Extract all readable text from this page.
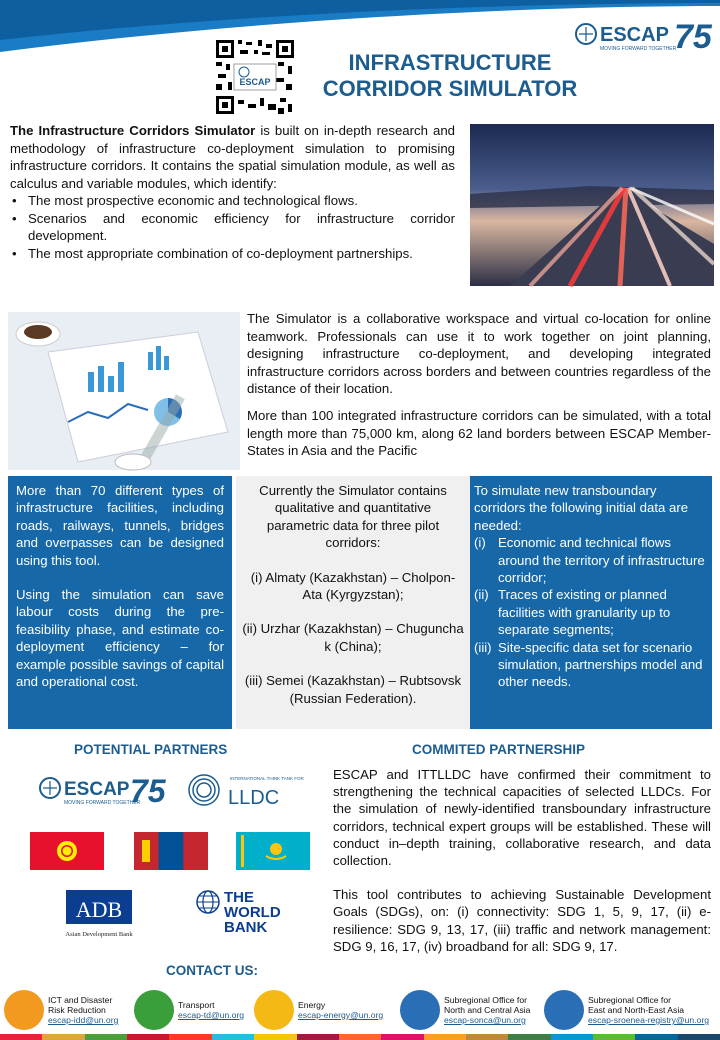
ESCAP
INFRASTRUCTURE
CORRIDOR SIMULATOR
ESCAP 75
MOVING FORWARD TOGETHER

The Infrastructure Corridors Simulator is built on in-depth research and methodology of infrastructure co-deployment simulation to promising infrastructure corridors. It contains the spatial simulation module, as well as calculus and variable modules, which identify:

• The most prospective economic and technological flows.
• Scenarios and economic efficiency for infrastructure corridor development.
• The most appropriate combination of co-deployment partnerships.

The Simulator is a collaborative workspace and virtual co-location for online teamwork. Professionals can use it to work together on joint planning, designing infrastructure co-deployment, and developing integrated infrastructure corridors across borders and between countries regardless of the distance of their location.

More than 100 integrated infrastructure corridors can be simulated, with a total length more than 75,000 km, along 62 land borders between ESCAP Member-States in Asia and the Pacific

More than 70 different types of infrastructure facilities, including roads, railways, tunnels, bridges and overpasses can be designed using this tool.

Using the simulation can save labour costs during the pre-feasibility phase, and estimate co-deployment efficiency – for example possible savings of capital and operational cost.

Currently the Simulator contains qualitative and quantitative parametric data for three pilot corridors:

(i) Almaty (Kazakhstan) – Cholpon-Ata (Kyrgyzstan);

(ii) Urzhar (Kazakhstan) – Chuguncha k (China);

(iii) Semei (Kazakhstan) – Rubtsovsk (Russian Federation).

To simulate new transboundary corridors the following initial data are needed:

(i) Economic and technical flows around the territory of infrastructure corridor;
(ii) Traces of existing or planned facilities with granularity up to separate segments;
(iii) Site-specific data set for scenario simulation, partnerships model and other needs.
POTENTIAL PARTNERS	COMMITED PARTNERSHIP
CONTACT US:
ESCAP 75
MOVING FORWARD TOGETHER
INTERNATIONAL THINK TANK FOR
LLDC
ADB
Asian Development Bank
THE
WORLD
BANK

ESCAP and ITTLLDC have confirmed their commitment to strengthening the technical capacities of selected LLDCs. For the simulation of newly-identified transboundary infrastructure corridors, technical expert groups will be established. These will conduct in–depth training, collaborative research, and data collection.

This tool contributes to achieving Sustainable Development Goals (SDGs), on: (i) connectivity: SDG 1, 5, 9, 17, (ii) e-resilience: SDG 9, 13, 17, (iii) traffic and network management: SDG 9, 16, 17, (iv) broadband for all: SDG 9, 17.

ICT and Disaster
Risk Reduction
escap-idd@un.org
Transport
escap-td@un.org
Energy
escap-energy@un.org
Subregional Office for
North and Central Asia
escap-sonca@un.org
Subregional Office for
East and North-East Asia
escap-sroenea-registry@un.org
